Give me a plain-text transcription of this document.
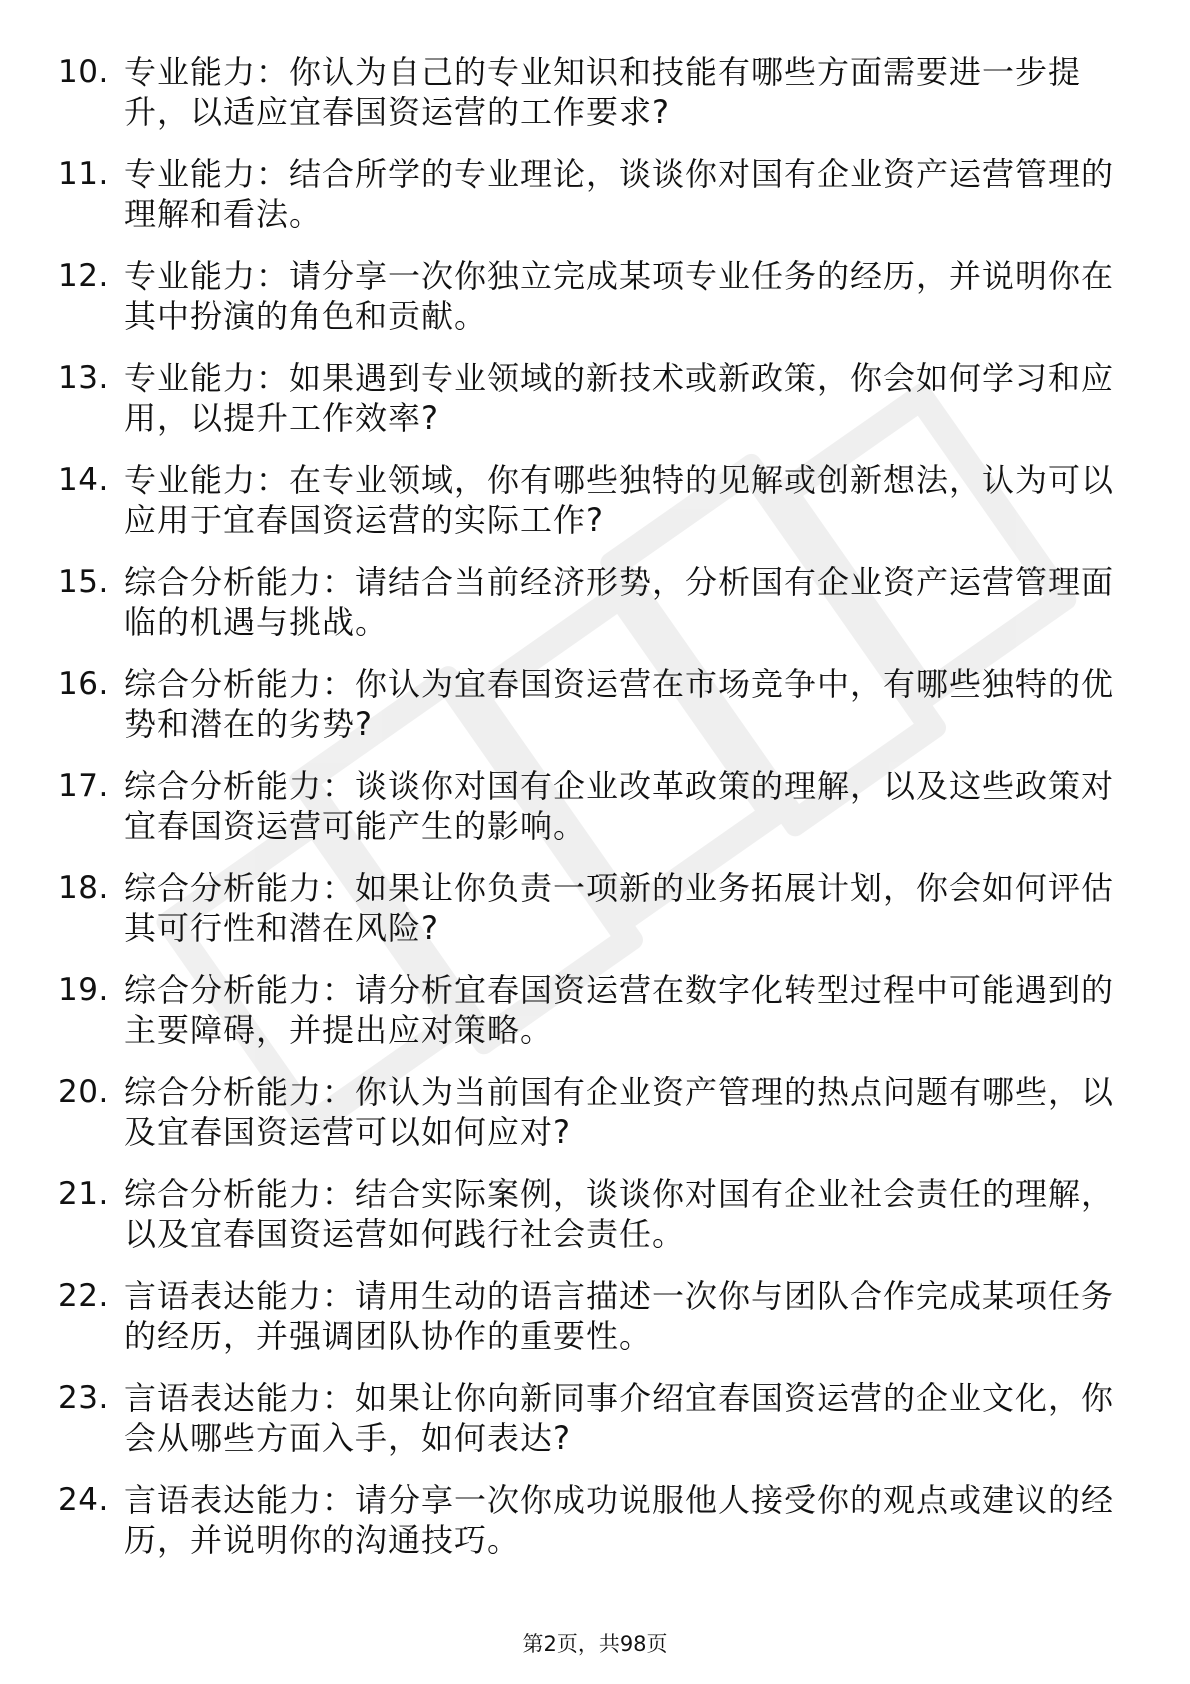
10. 专业能力：你认为自己的专业知识和技能有哪些方面需要进一步提升，以适应宜春国资运营的工作要求?
11. 专业能力：结合所学的专业理论，谈谈你对国有企业资产运营管理的理解和看法。
12. 专业能力：请分享一次你独立完成某项专业任务的经历，并说明你在其中扮演的角色和贡献。
13. 专业能力：如果遇到专业领域的新技术或新政策，你会如何学习和应用，以提升工作效率?
14. 专业能力：在专业领域，你有哪些独特的见解或创新想法，认为可以应用于宜春国资运营的实际工作?
15. 综合分析能力：请结合当前经济形势，分析国有企业资产运营管理面临的机遇与挑战。
16. 综合分析能力：你认为宜春国资运营在市场竞争中，有哪些独特的优势和潜在的劣势?
17. 综合分析能力：谈谈你对国有企业改革政策的理解，以及这些政策对宜春国资运营可能产生的影响。
18. 综合分析能力：如果让你负责一项新的业务拓展计划，你会如何评估其可行性和潜在风险?
19. 综合分析能力：请分析宜春国资运营在数字化转型过程中可能遇到的主要障碍，并提出应对策略。
20. 综合分析能力：你认为当前国有企业资产管理的热点问题有哪些，以及宜春国资运营可以如何应对?
21. 综合分析能力：结合实际案例，谈谈你对国有企业社会责任的理解，以及宜春国资运营如何践行社会责任。
22. 言语表达能力：请用生动的语言描述一次你与团队合作完成某项任务的经历，并强调团队协作的重要性。
23. 言语表达能力：如果让你向新同事介绍宜春国资运营的企业文化，你会从哪些方面入手，如何表达?
24. 言语表达能力：请分享一次你成功说服他人接受你的观点或建议的经历，并说明你的沟通技巧。
第2页，共98页
